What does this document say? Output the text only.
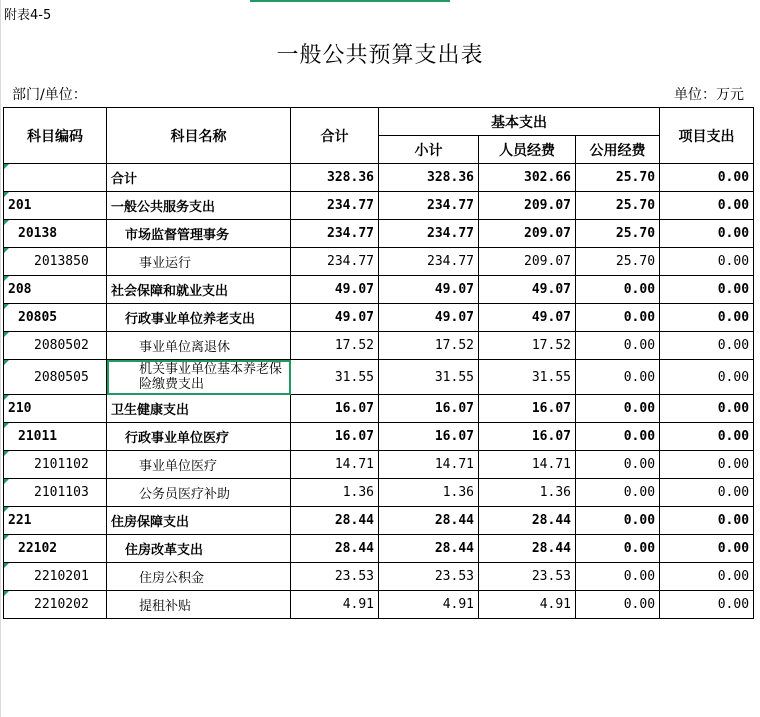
附表4-5
一般公共预算支出表
部门/单位：	单位：万元
科目编码	科目名称	合计	基本支出			项目支出
			小计	人员经费	公用经费	
	合计	328.36	328.36	302.66	25.70	0.00
201	一般公共服务支出	234.77	234.77	209.07	25.70	0.00
20138	市场监督管理事务	234.77	234.77	209.07	25.70	0.00
2013850	事业运行	234.77	234.77	209.07	25.70	0.00
208	社会保障和就业支出	49.07	49.07	49.07	0.00	0.00
20805	行政事业单位养老支出	49.07	49.07	49.07	0.00	0.00
2080502	事业单位离退休	17.52	17.52	17.52	0.00	0.00
2080505	机关事业单位基本养老保险缴费支出	31.55	31.55	31.55	0.00	0.00
210	卫生健康支出	16.07	16.07	16.07	0.00	0.00
21011	行政事业单位医疗	16.07	16.07	16.07	0.00	0.00
2101102	事业单位医疗	14.71	14.71	14.71	0.00	0.00
2101103	公务员医疗补助	1.36	1.36	1.36	0.00	0.00
221	住房保障支出	28.44	28.44	28.44	0.00	0.00
22102	住房改革支出	28.44	28.44	28.44	0.00	0.00
2210201	住房公积金	23.53	23.53	23.53	0.00	0.00
2210202	提租补贴	4.91	4.91	4.91	0.00	0.00
